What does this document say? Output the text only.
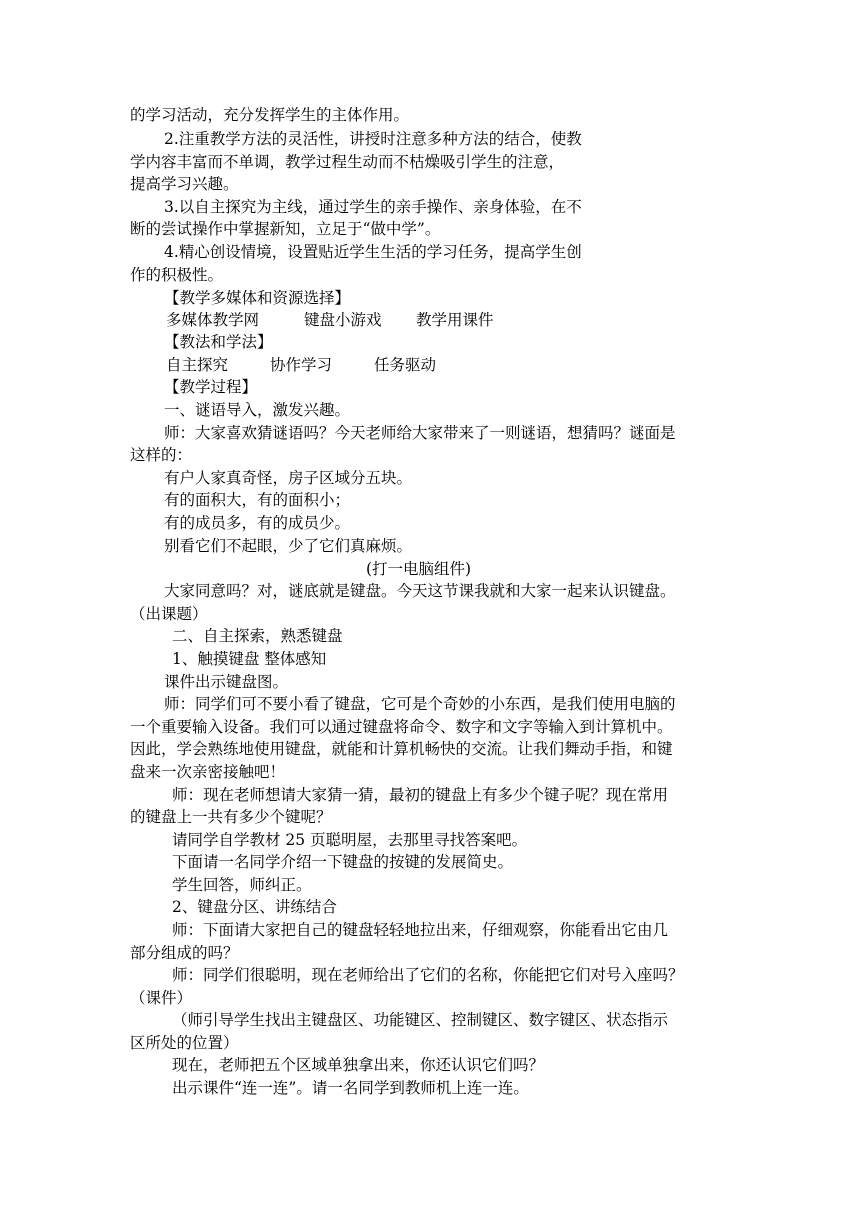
的学习活动，充分发挥学生的主体作用。
2.注重教学方法的灵活性，讲授时注意多种方法的结合，使教
学内容丰富而不单调，教学过程生动而不枯燥吸引学生的注意，
提高学习兴趣。
3.以自主探究为主线，通过学生的亲手操作、亲身体验，在不
断的尝试操作中掌握新知，立足于“做中学”。
4.精心创设情境，设置贴近学生生活的学习任务，提高学生创
作的积极性。
【教学多媒体和资源选择】
多媒体教学网	键盘小游戏 教学用课件
【教法和学法】
自主探究	协作学习	任务驱动
【教学过程】
一、谜语导入，激发兴趣。
师：大家喜欢猜谜语吗？今天老师给大家带来了一则谜语，想猜吗？谜面是
这样的：
有户人家真奇怪，房子区域分五块。
有的面积大，有的面积小；
有的成员多，有的成员少。
别看它们不起眼，少了它们真麻烦。
(打一电脑组件)
大家同意吗？对，谜底就是键盘。今天这节课我就和大家一起来认识键盘。
（出课题）
二、自主探索，熟悉键盘
1、触摸键盘 整体感知
课件出示键盘图。
师：同学们可不要小看了键盘，它可是个奇妙的小东西，是我们使用电脑的
一个重要输入设备。我们可以通过键盘将命令、数字和文字等输入到计算机中。
因此，学会熟练地使用键盘，就能和计算机畅快的交流。让我们舞动手指，和键
盘来一次亲密接触吧！
师：现在老师想请大家猜一猜，最初的键盘上有多少个键子呢？现在常用
的键盘上一共有多少个键呢？
请同学自学教材 25 页聪明屋，去那里寻找答案吧。
下面请一名同学介绍一下键盘的按键的发展简史。
学生回答，师纠正。
2、键盘分区、讲练结合
师：下面请大家把自己的键盘轻轻地拉出来，仔细观察，你能看出它由几
部分组成的吗？
师：同学们很聪明，现在老师给出了它们的名称，你能把它们对号入座吗？
（课件）
（师引导学生找出主键盘区、功能键区、控制键区、数字键区、状态指示
区所处的位置）
现在，老师把五个区域单独拿出来，你还认识它们吗？
出示课件“连一连”。请一名同学到教师机上连一连。
